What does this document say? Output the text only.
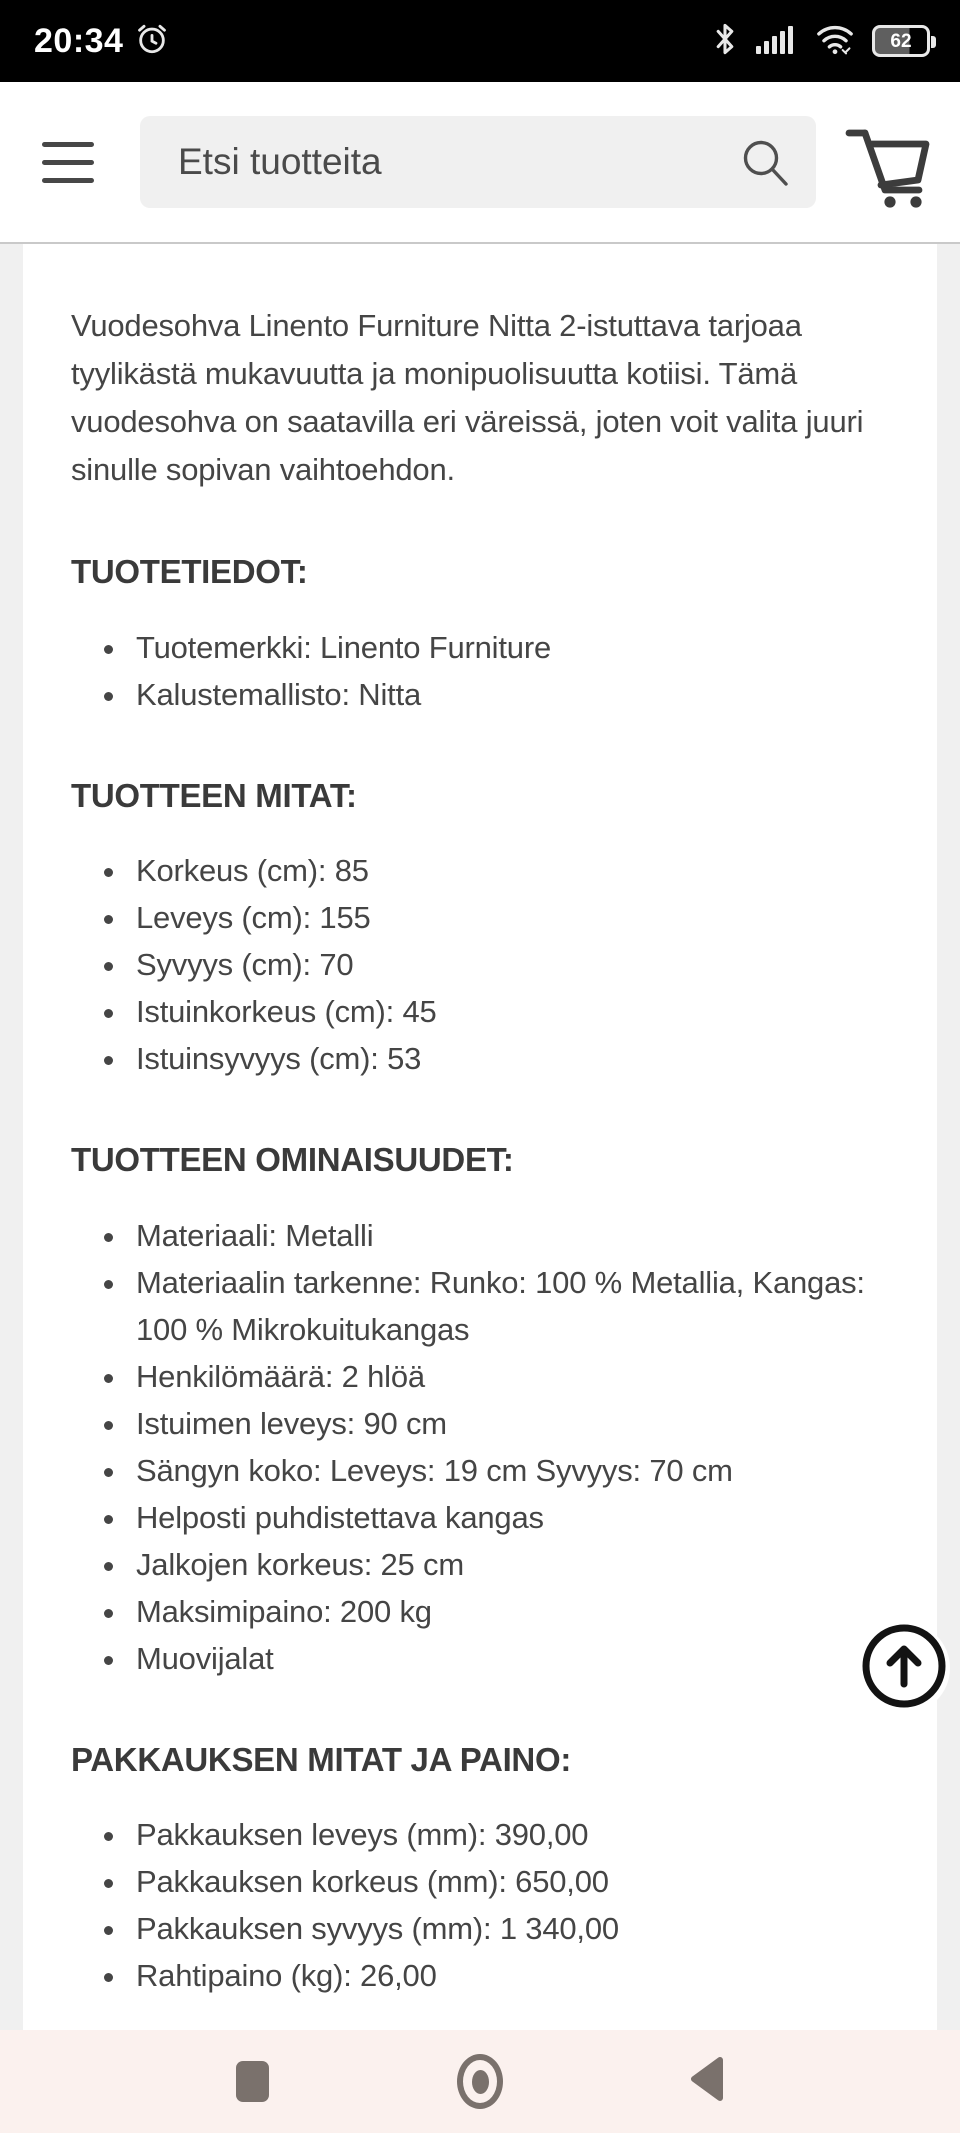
20:34	62
Etsi tuotteita

Vuodesohva Linento Furniture Nitta 2-istuttava tarjoaa
tyylikästä mukavuutta ja monipuolisuutta kotiisi. Tämä
vuodesohva on saatavilla eri väreissä, joten voit valita juuri
sinulle sopivan vaihtoehdon.

TUOTETIEDOT:
• Tuotemerkki: Linento Furniture
• Kalustemallisto: Nitta
TUOTTEEN MITAT:
• Korkeus (cm): 85
• Leveys (cm): 155
• Syvyys (cm): 70
• Istuinkorkeus (cm): 45
• Istuinsyvyys (cm): 53
TUOTTEEN OMINAISUUDET:
• Materiaali: Metalli
• Materiaalin tarkenne: Runko: 100 % Metallia, Kangas: 100 % Mikrokuitukangas
• Henkilömäärä: 2 hlöä
• Istuimen leveys: 90 cm
• Sängyn koko: Leveys: 19 cm Syvyys: 70 cm
• Helposti puhdistettava kangas
• Jalkojen korkeus: 25 cm
• Maksimipaino: 200 kg
• Muovijalat
PAKKAUKSEN MITAT JA PAINO:
• Pakkauksen leveys (mm): 390,00
• Pakkauksen korkeus (mm): 650,00
• Pakkauksen syvyys (mm): 1 340,00
• Rahtipaino (kg): 26,00
